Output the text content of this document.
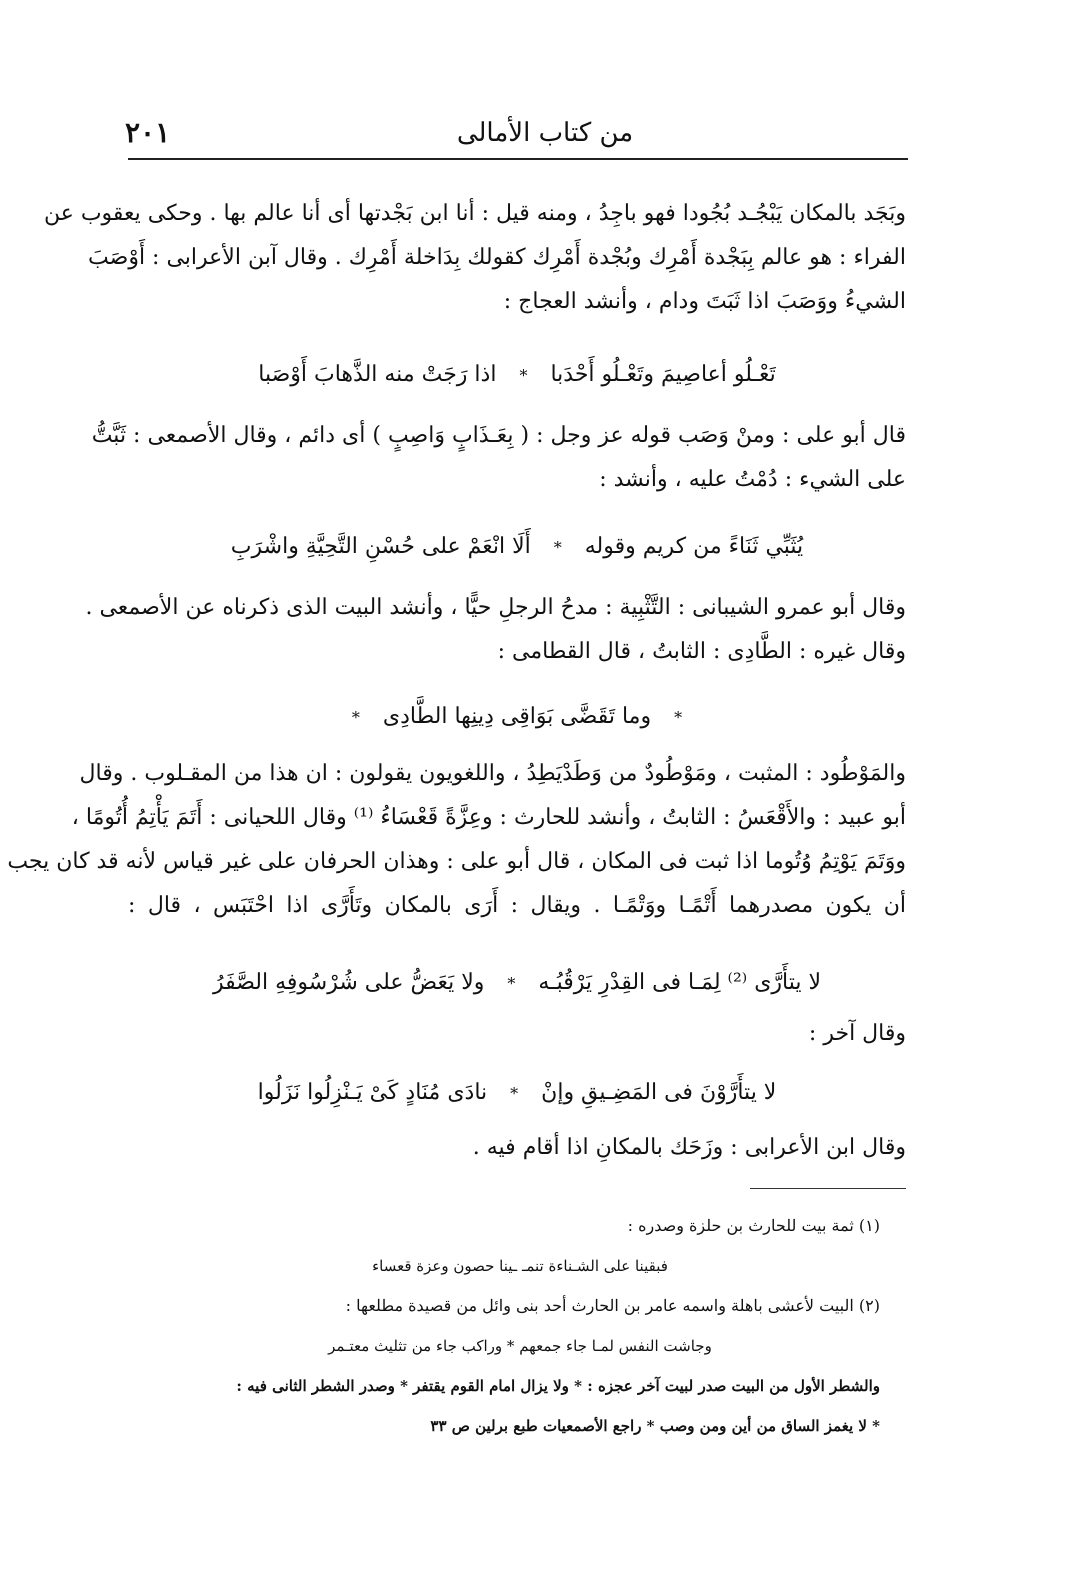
من كتاب الأمالى
٢٠١
وبَجَد بالمكان يَبْجُـد بُجُودا فهو باجِدُ ، ومنه قيل : أنا ابن بَجْدتها أى أنا عالم بها . وحكى يعقوب عن
الفراء : هو عالم بِبَجْدة أَمْرِك وبُجْدة أَمْرِك كقولك بِدَاخلة أَمْرِك . وقال آبن الأعرابى : أَوْصَبَ
الشيءُ ووَصَبَ اذا ثَبَتَ ودام ، وأنشد العجاج :
تَعْـلُو أعاصِيمَ وتَعْـلُو أَحْدَبا * اذا رَجَتْ منه الذَّهابَ أَوْصَبا
قال أبو على : ومنْ وَصَب قوله عز وجل : ( بِعَـذَابٍ وَاصِبٍ ) أى دائم ، وقال الأصمعى : ثَبَّتُّ
على الشيء : دُمْتُ عليه ، وأنشد :
يُثَبِّي ثَنَاءً من كريم وقوله * أَلَا انْعَمْ على حُسْنِ التَّحِيَّةِ واشْرَبِ
وقال أبو عمرو الشيبانى : التَّثْبِية : مدحُ الرجلِ حيًّا ، وأنشد البيت الذى ذكرناه عن الأصمعى .
وقال غيره : الطَّادِى : الثابتُ ، قال القطامى :
* وما تَقَضَّى بَوَاقِى دِينِها الطَّادِى *
والمَوْطُود : المثبت ، ومَوْطُودٌ من وَطَدْيَطِدُ ، واللغويون يقولون : ان هذا من المقـلوب . وقال
أبو عبيد : والأَقْعَسُ : الثابتُ ، وأنشد للحارث : وعِزَّةً قَعْسَاءُ ⁽¹⁾ وقال اللحيانى : أَتَمَ يَأْتِمُ أُتُومًا ،
ووَتَمَ يَوْتِمُ وُتُوما اذا ثبت فى المكان ، قال أبو على : وهذان الحرفان على غير قياس لأنه قد كان يجب
أن يكون مصدرهما أَتْمًـا ووَتْمًـا . ويقال : أَرَى بالمكان وتَأَرَّى اذا احْتَبَس ، قال :
لا يتأَرَّى ⁽²⁾ لِمَـا فى القِدْرِ يَرْقُبُـه * ولا يَعَضُّ على شُرْسُوفِهِ الصَّفَرُ
وقال آخر :
لا يتأَرَّوْنَ فى المَضِـيقِ وإنْ * نادَى مُنَادٍ كَىْ يَـنْزِلُوا نَزَلُوا
وقال ابن الأعرابى : وزَحَك بالمكانِ اذا أقام فيه .
(١) ثمة بيت للحارث بن حلزة وصدره :
فبقينا على الشـناءة تنمـ ـينا حصون وعزة قعساء
(٢) البيت لأعشى باهلة واسمه عامر بن الحارث أحد بنى وائل من قصيدة مطلعها :
وجاشت النفس لمـا جاء جمعهم * وراكب جاء من تثليث معتـمر
والشطر الأول من البيت صدر لبيت آخر عجزه : * ولا يزال امام القوم يقتفر * وصدر الشطر الثانى فيه :
* لا يغمز الساق من أين ومن وصب * راجع الأصمعيات طبع برلين ص ٣٣
